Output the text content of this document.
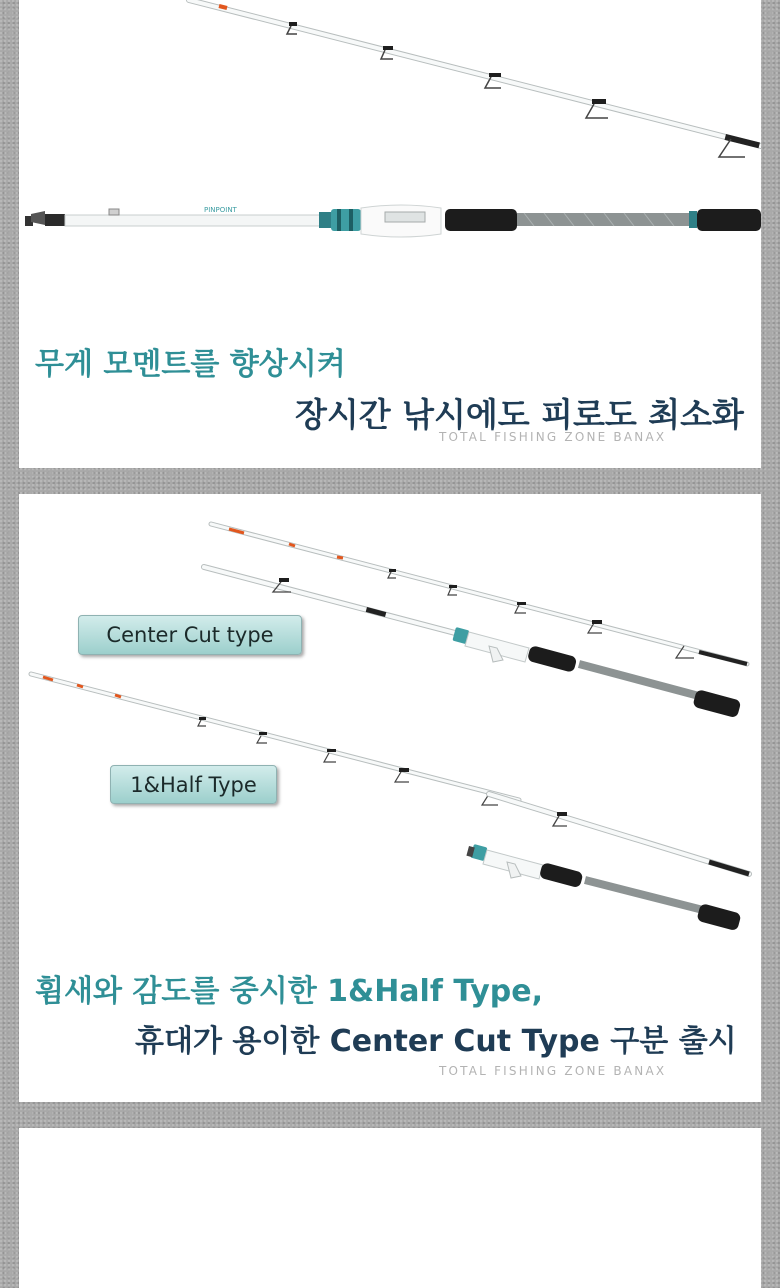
PINPOINT
무게 모멘트를 향상시켜
장시간 낚시에도 피로도 최소화
TOTAL FISHING ZONE BANAX
Center Cut type
1&Half Type
휨새와 감도를 중시한 1&Half Type,
휴대가 용이한 Center Cut Type 구분 출시
TOTAL FISHING ZONE BANAX
